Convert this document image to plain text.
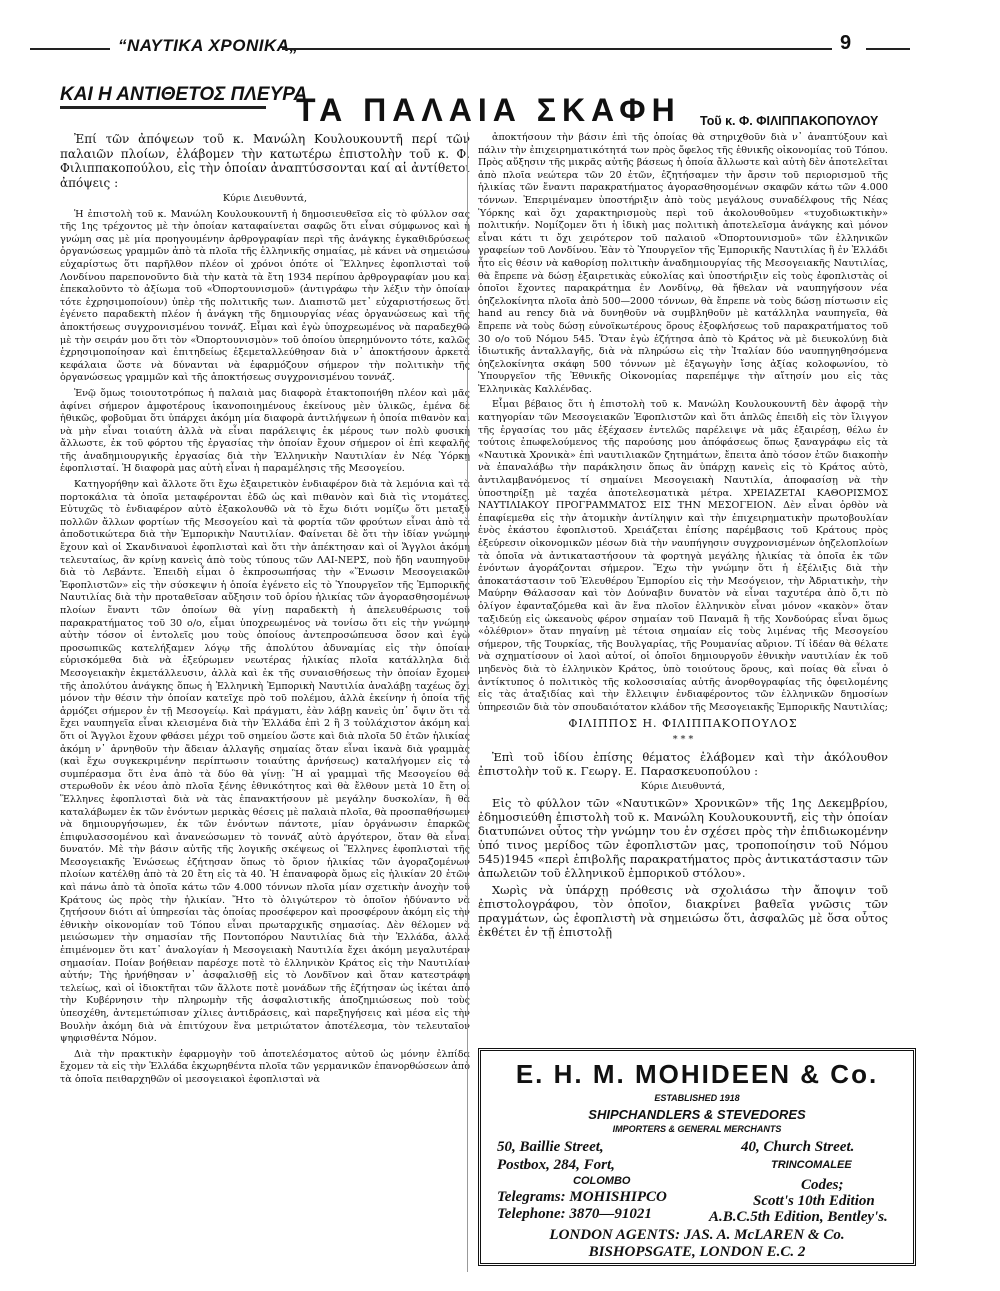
“ΝΑΥΤΙΚΑ ΧΡΟΝΙΚΑ„	9
ΚΑΙ Η ΑΝΤΙΘΕΤΟΣ ΠΛΕΥΡΑ
ΤΑ ΠΑΛΑΙΑ ΣΚΑΦΗ Τοῦ κ. Φ. ΦΙΛΙΠΠΑΚΟΠΟΥΛΟΥ

Ἐπί τῶν ἀπόψεων τοῦ κ. Μανώλη Κουλουκουντῆ περί τῶν παλαιῶν πλοίων, ἐλάβομεν τὴν κατωτέρω ἐπιστολὴν τοῦ κ. Φ. Φιλιππακοπούλου, εἰς τὴν ὁποίαν ἀναπτύσσονται καί αἱ ἀντίθετοι ἀπόψεις :

Κύριε Διευθυντά,

Ἡ ἐπιστολὴ τοῦ κ. Μανώλη Κουλουκουντῆ ἡ δημοσιευθεῖσα εἰς τὸ φύλλον σας τῆς 1ης τρέχοντος μὲ τὴν ὁποίαν καταφαίνεται σαφῶς ὅτι εἶναι σύμφωνος καὶ ἡ γνώμη σας μὲ μία προηγουμένην ἀρθρογραφίαν περὶ τῆς ἀνάγκης ἐγκαθιδρύσεως ὀργανώσεως γραμμῶν ἀπὸ τὰ πλοῖα τῆς ἑλληνικῆς σημαίας, μὲ κάνει νὰ σημειώσω εὐχαρίστως ὅτι παρῆλθον πλέον οἱ χρόνοι ὁπότε οἱ Ἕλληνες ἐφοπλισταὶ τοῦ Λονδίνου παρεπονοῦντο διὰ τὴν κατὰ τὰ ἔτη 1934 περίπου ἀρθρογραφίαν μου καὶ ἐπεκαλοῦντο τὸ ἀξίωμα τοῦ «Ὀπορτουνισμοῦ» (ἀντιγράφω τὴν λέξιν τὴν ὁποίαν τότε ἐχρησιμοποίουν) ὑπὲρ τῆς πολιτικῆς των. Διαπιστῶ μετ᾿ εὐχαριστήσεως ὅτι ἐγένετο παραδεκτὴ πλέον ἡ ἀνάγκη τῆς δημιουργίας νέας ὀργανώσεως καὶ τῆς ἀποκτήσεως συγχρονισμένου τοννάζ. Εἶμαι καὶ ἐγὼ ὑποχρεωμένος νὰ παραδεχθῶ μὲ τὴν σειράν μου ὅτι τὸν «Ὀπορτουνισμὸν» τοῦ ὁποίου ὑπερημύνοντο τότε, καλῶς ἐχρησιμοποίησαν καὶ ἐπιτηδείως ἐξεμεταλλεύθησαν διὰ ν᾿ ἀποκτήσουν ἀρκετὰ κεφάλαια ὥστε νὰ δύνανται νὰ ἐφαρμόζουν σήμερον τὴν πολιτικὴν τῆς ὀργανώσεως γραμμῶν καὶ τῆς ἀποκτήσεως συγχρονισμένου τοννάζ.

Ἐνῷ ὅμως τοιουτοτρόπως ἡ παλαιὰ μας διαφορὰ ἐτακτοποιήθη πλέον καὶ μᾶς ἀφίνει σήμερον ἀμφοτέρους ἱκανοποιημένους ἐκείνους μὲν ὑλικῶς, ἐμένα δὲ ἠθικῶς, φοβοῦμαι ὅτι ὑπάρχει ἀκόμη μία διαφορὰ ἀντιλήψεων ἡ ὁποία πιθανὸν καὶ νὰ μὴν εἶναι τοιαύτη ἀλλὰ νὰ εἶναι παράλειψις ἐκ μέρους των πολὺ φυσικὴ ἄλλωστε, ἐκ τοῦ φόρτου τῆς ἐργασίας τὴν ὁποίαν ἔχουν σήμερον οἱ ἐπὶ κεφαλῆς τῆς ἀναδημιουργικῆς ἐργασίας διὰ τὴν Ἑλληνικὴν Ναυτιλίαν ἐν Νέᾳ Ὑόρκῃ ἐφοπλισταί. Ἡ διαφορὰ μας αὐτὴ εἶναι ἡ παραμέλησις τῆς Μεσογείου.

Κατηγορήθην καὶ ἄλλοτε ὅτι ἔχω ἐξαιρετικὸν ἐνδιαφέρον διὰ τὰ λεμόνια καὶ τὰ πορτοκάλια τὰ ὁποῖα μεταφέρονται ἐδῶ ὡς καὶ πιθανὸν καὶ διὰ τὶς ντομάτες. Εὐτυχῶς τὸ ἐνδιαφέρον αὐτὸ ἐξακολουθῶ νὰ τὸ ἔχω διότι νομίζω ὅτι μεταξὺ πολλῶν ἄλλων φορτίων τῆς Μεσογείου καὶ τὰ φορτία τῶν φρούτων εἶναι ἀπὸ τὰ ἀποδοτικώτερα διὰ τὴν Ἐμπορικὴν Ναυτιλίαν. Φαίνεται δὲ ὅτι τὴν ἰδίαν γνώμην ἔχουν καὶ οἱ Σκανδιναυοὶ ἐφοπλισταὶ καὶ ὅτι τὴν ἀπέκτησαν καὶ οἱ Ἄγγλοι ἀκόμη τελευταίως, ἂν κρίνῃ κανεὶς ἀπὸ τοὺς τύπους τῶν ΛΑΙ-ΝΕΡΣ, ποὺ ἤδη ναυπηγοῦν διὰ τὸ Λεβάντε. Ἐπειδὴ εἶμαι ὁ ἐκπροσωπήσας τὴν «Ἕνωσιν Μεσογειακῶν Ἐφοπλιστῶν» εἰς τὴν σύσκεψιν ἡ ὁποία ἐγένετο εἰς τὸ Ὑπουργεῖον τῆς Ἐμπορικῆς Ναυτιλίας διὰ τὴν προταθεῖσαν αὔξησιν τοῦ ὁρίου ἡλικίας τῶν ἀγορασθησομένων πλοίων ἔναντι τῶν ὁποίων θὰ γίνῃ παραδεκτὴ ἡ ἀπελευθέρωσις τοῦ παρακρατήματος τοῦ 30 ο/ο, εἶμαι ὑποχρεωμένος νὰ τονίσω ὅτι εἰς τὴν γνώμην αὐτὴν τόσον οἱ ἐντολεῖς μου τοὺς ὁποίους ἀντεπροσώπευσα ὅσον καὶ ἐγὼ προσωπικῶς κατελήξαμεν λόγῳ τῆς ἀπολύτου ἀδυναμίας εἰς τὴν ὁποίαν εὑρισκόμεθα διὰ νὰ ἐξεύρωμεν νεωτέρας ἡλικίας πλοῖα κατάλληλα διὰ Μεσογειακὴν ἐκμετάλλευσιν, ἀλλὰ καὶ ἐκ τῆς συναισθήσεως τὴν ὁποίαν ἔχομεν τῆς ἀπολύτου ἀνάγκης ὅπως ἡ Ἑλληνικὴ Ἐμπορικὴ Ναυτιλία ἀναλάβῃ ταχέως ὄχι μόνον τὴν θέσιν τὴν ὁποίαν κατεῖχε πρὸ τοῦ πολέμου, ἀλλὰ ἐκείνην ἡ ὁποία τῆς ἁρμόζει σήμερον ἐν τῇ Μεσογείῳ. Καὶ πράγματι, ἐὰν λάβῃ κανεὶς ὑπ᾿ ὄψιν ὅτι τὰ ἔχει ναυπηγεῖα εἶναι κλεισμένα διὰ τὴν Ἑλλάδα ἐπὶ 2 ἢ 3 τοὐλάχιστον ἀκόμη καὶ ὅτι οἱ Ἄγγλοι ἔχουν φθάσει μέχρι τοῦ σημείου ὥστε καὶ διὰ πλοῖα 50 ἐτῶν ἡλικίας ἀκόμη ν᾿ ἀρνηθοῦν τὴν ἄδειαν ἀλλαγῆς σημαίας ὅταν εἶναι ἱκανὰ διὰ γραμμὰς (καὶ ἔχω συγκεκριμένην περίπτωσιν τοιαύτης ἀρνήσεως) καταλήγομεν εἰς τὸ συμπέρασμα ὅτι ἐνα ἀπὸ τὰ δύο θὰ γίνῃ: Ἢ αἱ γραμμαὶ τῆς Μεσογείου θὰ στερωθοῦν ἐκ νέου ἀπὸ πλοῖα ξένης ἐθνικότητος καὶ θὰ ἔλθουν μετὰ 10 ἔτη οἱ Ἕλληνες ἐφοπλισταὶ διὰ νὰ τὰς ἐπανακτήσουν μὲ μεγάλην δυσκολίαν, ἢ θὰ καταλάβωμεν ἐκ τῶν ἐνόντων μερικὰς θέσεις μὲ παλαιὰ πλοῖα, θὰ προσπαθήσωμεν νὰ δημιουργήσωμεν, ἐκ τῶν ἐνόντων πάντοτε, μίαν ὀργάνωσιν ἐπαρκῶς ἐπιφυλασσομένου καὶ ἀνανεώσωμεν τὸ τοννάζ αὐτὸ ἀργότερον, ὅταν θὰ εἶναι δυνατόν. Μὲ τὴν βάσιν αὐτῆς τῆς λογικῆς σκέψεως οἱ Ἕλληνες ἐφοπλισταὶ τῆς Μεσογειακῆς Ἑνώσεως ἐζήτησαν ὅπως τὸ ὅριον ἡλικίας τῶν ἀγοραζομένων πλοίων κατέλθῃ ἀπὸ τὰ 20 ἔτη εἰς τὰ 40. Ἡ ἐπαναφορὰ ὅμως εἰς ἡλικίαν 20 ἐτῶν καὶ πάνω ἀπὸ τὰ ὁποῖα κάτω τῶν 4.000 τόννων πλοῖα μίαν σχετικὴν ἀνοχὴν τοῦ Κράτους ὡς πρὸς τὴν ἡλικίαν. Ἤτο τὸ ὀλιγώτερον τὸ ὁποῖον ἠδύναντο νὰ ζητήσουν διότι αἱ ὑπηρεσίαι τὰς ὁποίας προσέφερον καὶ προσφέρουν ἀκόμη εἰς τὴν ἐθνικὴν οἰκονομίαν τοῦ Τόπου εἶναι πρωταρχικῆς σημασίας. Δὲν θέλομεν νὰ μειώσωμεν τὴν σημασίαν τῆς Ποντοπόρου Ναυτιλίας διὰ τὴν Ἑλλάδα, ἀλλὰ ἐπιμένομεν ὅτι κατ᾿ ἀναλογίαν ἡ Μεσογειακὴ Ναυτιλία ἔχει ἀκόμη μεγαλυτέραν σημασίαν. Ποίαν βοήθειαν παρέσχε ποτὲ τὸ ἑλληνικὸν Κράτος εἰς τὴν Ναυτιλίαν αὐτήν; Τὴς ἠρνήθησαν ν᾿ ἀσφαλισθῇ εἰς τὸ Λονδῖνον καὶ ὅταν κατεστράφη τελείως, καὶ οἱ ἰδιοκτῆται τῶν ἄλλοτε ποτὲ μονάδων τῆς ἐζήτησαν ὡς ἱκέται ἀπὸ τὴν Κυβέρνησιν τὴν πληρωμὴν τῆς ἀσφαλιστικῆς ἀποζημιώσεως ποὺ τοὺς ὑπεσχέθη, ἀντεμετώπισαν χίλιες ἀντιδράσεις, καὶ παρεξηγήσεις καὶ μέσα εἰς τὴν Βουλὴν ἀκόμη διὰ νὰ ἐπιτύχουν ἕνα μετριώτατον ἀποτέλεσμα, τὸν τελευταῖον ψηφισθέντα Νόμον.

Διὰ τὴν πρακτικὴν ἐφαρμογὴν τοῦ ἀποτελέσματος αὐτοῦ ὡς μόνην ἐλπίδα ἔχομεν τὰ εἰς τὴν Ἑλλάδα ἐκχωρηθέντα πλοῖα τῶν γερμανικῶν ἐπανορθώσεων ἀπὸ τὰ ὁποῖα πειθαρχηθῶν οἱ μεσογειακοὶ ἐφοπλισταὶ νὰ

ἀποκτήσουν τὴν βάσιν ἐπὶ τῆς ὁποίας θὰ στηριχθοῦν διὰ ν᾿ ἀναπτύξουν καὶ πάλιν τὴν ἐπιχειρηματικότητά των πρὸς ὄφελος τῆς ἐθνικῆς οἰκονομίας τοῦ Τόπου. Πρὸς αὔξησιν τῆς μικρᾶς αὐτῆς βάσεως ἡ ὁποία ἄλλωστε καὶ αὐτὴ δὲν ἀποτελεῖται ἀπὸ πλοῖα νεώτερα τῶν 20 ἐτῶν, ἐζητήσαμεν τὴν ἄρσιν τοῦ περιορισμοῦ τῆς ἡλικίας τῶν ἔναντι παρακρατήματος ἀγορασθησομένων σκαφῶν κάτω τῶν 4.000 τόννων. Ἐπεριμέναμεν ὑποστήριξιν ἀπὸ τοὺς μεγάλους συναδέλφους τῆς Νέας Ὑόρκης καὶ ὄχι χαρακτηρισμοὺς περὶ τοῦ ἀκολουθοῦμεν «τυχοδιωκτικὴν» πολιτικήν. Νομίζομεν ὅτι ἡ ἰδικὴ μας πολιτικὴ ἀποτελεῖσμα ἀνάγκης καὶ μόνον εἶναι κάτι τι ὄχι χειρότερον τοῦ παλαιοῦ «Ὀπορτουνισμοῦ» τῶν ἑλληνικῶν γραφείων τοῦ Λονδίνου. Ἐὰν τὸ Ὑπουργεῖον τῆς Ἐμπορικῆς Ναυτιλίας ἢ ἐν Ἑλλάδι ἦτο εἰς θέσιν νὰ καθορίσῃ πολιτικὴν ἀναδημιουργίας τῆς Μεσογειακῆς Ναυτιλίας, θὰ ἔπρεπε νὰ δώσῃ ἐξαιρετικὰς εὐκολίας καὶ ὑποστήριξιν εἰς τοὺς ἐφοπλιστὰς οἱ ὁποῖοι ἔχοντες παρακράτημα ἐν Λονδίνῳ, θὰ ἤθελαν νὰ ναυπηγήσουν νέα ὁηζελοκίνητα πλοῖα ἀπὸ 500—2000 τόννων, θὰ ἔπρεπε νὰ τοὺς δώσῃ πίστωσιν εἰς hand au rency διὰ νὰ δυνηθοῦν νὰ συμβληθοῦν μὲ κατάλληλα ναυπηγεῖα, θὰ ἔπρεπε νὰ τοὺς δώσῃ εὐνοϊκωτέρους ὅρους ἐξοφλήσεως τοῦ παρακρατήματος τοῦ 30 ο/ο τοῦ Νόμου 545. Ὅταν ἐγὼ ἐζήτησα ἀπὸ τὸ Κράτος νὰ μὲ διευκολύνῃ διὰ ἰδιωτικῆς ἀνταλλαγῆς, διὰ νὰ πληρώσω εἰς τὴν Ἰταλίαν δύο ναυπηγηθησόμενα ὁηζελοκίνητα σκάφη 500 τόννων μὲ ἐξαγωγὴν ἴσης ἀξίας κολοφωνίου, τὸ Ὑπουργεῖον τῆς Ἐθνικῆς Οἰκονομίας παρεπέμψε τὴν αἴτησίν μου εἰς τὰς Ἑλληνικὰς Καλλένδας.

Εἶμαι βέβαιος ὅτι ἡ ἐπιστολὴ τοῦ κ. Μανώλη Κουλουκουντῆ δὲν ἀφορᾷ τὴν κατηγορίαν τῶν Μεσογειακῶν Ἐφοπλιστῶν καὶ ὅτι ἁπλῶς ἐπειδὴ εἰς τὸν ἴλιγγον τῆς ἐργασίας του μᾶς ἐξέχασεν ἐντελῶς παρέλειψε νὰ μᾶς ἐξαιρέσῃ, θέλω ἐν τούτοις ἐπωφελούμενος τῆς παρούσης μου ἀπόφάσεως ὅπως ξαναγράφω εἰς τὰ «Ναυτικὰ Χρονικὰ» ἐπὶ ναυτιλιακῶν ζητημάτων, ἔπειτα ἀπὸ τόσον ἐτῶν διακοπὴν νὰ ἐπαναλάβω τὴν παράκλησιν ὅπως ἂν ὑπάρχῃ κανεὶς εἰς τὸ Κράτος αὐτὸ, ἀντιλαμβανόμενος τί σημαίνει Μεσογειακὴ Ναυτιλία, ἀποφασίσῃ νὰ τὴν ὑποστηρίξῃ μὲ ταχέα ἀποτελεσματικὰ μέτρα. ΧΡΕΙΑΖΕΤΑΙ ΚΑΘΟΡΙΣΜΟΣ ΝΑΥΤΙΛΙΑΚΟΥ ΠΡΟΓΡΑΜΜΑΤΟΣ ΕΙΣ ΤΗΝ ΜΕΣΟΓΕΙΟΝ. Δὲν εἶναι ὀρθὸν νὰ ἐπαφίεμεθα εἰς τὴν ἀτομικὴν ἀντίληψιν καὶ τὴν ἐπιχειρηματικὴν πρωτοβουλίαν ἑνὸς ἑκάστου ἐφοπλιστοῦ. Χρειάζεται ἐπίσης παρέμβασις τοῦ Κράτους πρὸς ἐξεύρεσιν οἰκονομικῶν μέσων διὰ τὴν ναυπήγησιν συγχρονισμένων ὁηζελοπλοίων τὰ ὁποῖα νὰ ἀντικαταστήσουν τὰ φορτηγὰ μεγάλης ἡλικίας τὰ ὁποῖα ἐκ τῶν ἐνόντων ἀγοράζονται σήμερον. Ἔχω τὴν γνώμην ὅτι ἡ ἐξέλιξις διὰ τὴν ἀποκατάστασιν τοῦ Ἐλευθέρου Ἐμπορίου εἰς τὴν Μεσόγειον, τὴν Ἀδριατικὴν, τὴν Μαύρην Θάλασσαν καὶ τὸν Δούναβιν δυνατὸν νὰ εἶναι ταχυτέρα ἀπὸ ὅ,τι πὸ ὀλίγον ἐφανταζόμεθα καὶ ἂν ἕνα πλοῖον ἑλληνικὸν εἶναι μόνον «κακὸν» ὅταν ταξιδεύῃ εἰς ὠκεανοὺς φέρον σημαίαν τοῦ Παναμᾶ ἢ τῆς Χονδούρας εἶναι ὅμως «ὀλέθριον» ὅταν πηγαίνῃ μὲ τέτοια σημαίαν εἰς τοὺς λιμένας τῆς Μεσογείου σήμερον, τῆς Τουρκίας, τῆς Βουλγαρίας, τῆς Ρουμανίας αὔριον. Τί ἰδέαν θὰ θέλατε νὰ σχηματίσουν οἱ λαοὶ αὐτοί, οἱ ὁποῖοι δημιουργοῦν ἐθνικὴν ναυτιλίαν ἐκ τοῦ μηδενὸς διὰ τὸ ἑλληνικὸν Κράτος, ὑπὸ τοιούτους ὅρους, καὶ ποίας θὰ εἶναι ὁ ἀντίκτυπος ὁ πολιτικὸς τῆς κολοσσιαίας αὐτῆς ἀνορθογραφίας τῆς ὀφειλομένης εἰς τὰς ἀταξιδίας καὶ τὴν ἔλλειψιν ἐνδιαφέροντος τῶν ἑλληνικῶν δημοσίων ὑπηρεσιῶν διὰ τὸν σπουδαιότατον κλάδον τῆς Μεσογειακῆς Ἐμπορικῆς Ναυτιλίας;

ΦΙΛΙΠΠΟΣ Η. ΦΙΛΙΠΠΑΚΟΠΟΥΛΟΣ

* * *

Ἐπὶ τοῦ ἰδίου ἐπίσης θέματος ἐλάβομεν καὶ τὴν ἀκόλουθον ἐπιστολὴν τοῦ κ. Γεωργ. Ε. Παρασκευοπούλου :

Κύριε Διευθυντά,

Εἰς τὸ φύλλον τῶν «Ναυτικῶν» Χρονικῶν» τῆς 1ης Δεκεμβρίου, ἐδημοσιεύθη ἐπιστολὴ τοῦ κ. Μανώλη Κουλουκουντῆ, εἰς τὴν ὁποίαν διατυπώνει οὗτος τὴν γνώμην του ἐν σχέσει πρὸς τὴν ἐπιδιωκομένην ὑπό τινος μερίδος τῶν ἐφοπλιστῶν μας, τροποποίησιν τοῦ Νόμου 545)1945 «περὶ ἐπιβολῆς παρακρατήματος πρὸς ἀντικατάστασιν τῶν ἀπωλειῶν τοῦ ἑλληνικοῦ ἐμπορικοῦ στόλου».

Χωρὶς νὰ ὑπάρχῃ πρόθεσις νὰ σχολιάσω τὴν ἄποψιν τοῦ ἐπιστολογράφου, τὸν ὁποῖον, διακρίνει βαθεῖα γνῶσις τῶν πραγμάτων, ὡς ἐφοπλιστὴ νὰ σημειώσω ὅτι, ἀσφαλῶς μὲ ὅσα οὗτος ἐκθέτει ἐν τῇ ἐπιστολῇ

E. H. M. MOHIDEEN & Co.
ESTABLISHED 1918
SHIPCHANDLERS & STEVEDORES
IMPORTERS & GENERAL MERCHANTS
50, Baillie Street,
Postbox, 284, Fort,
COLOMBO
40, Church Street.
TRINCOMALEE
Telegrams: MOHISHIPCO
Telephone: 3870—91021
Codes;
Scott's 10th Edition
A.B.C.5th Edition, Bentley's.
LONDON AGENTS: JAS. A. McLAREN & Co.
BISHOPSGATE, LONDON E.C. 2
